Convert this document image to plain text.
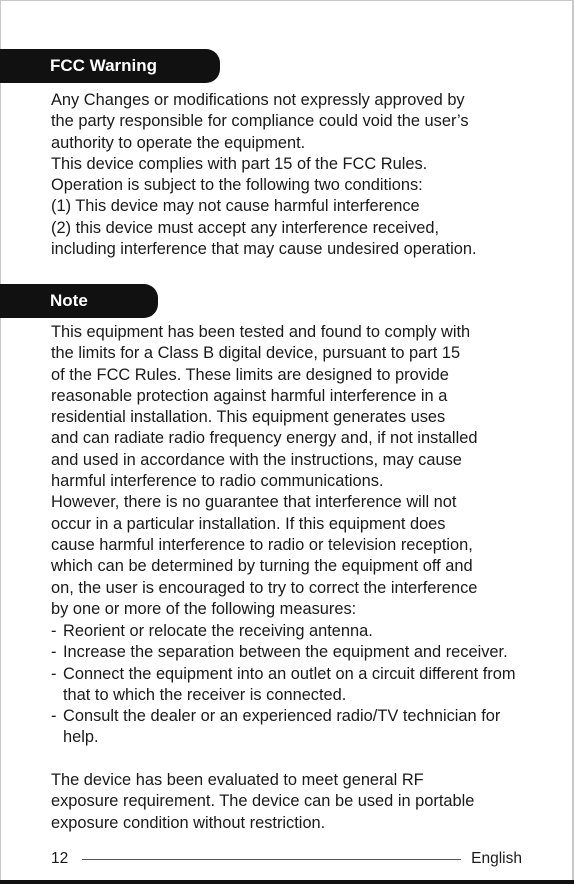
FCC Warning

Any Changes or modifications not expressly approved by

the party responsible for compliance could void the user’s

authority to operate the equipment.

This device complies with part 15 of the FCC Rules.

Operation is subject to the following two conditions:

(1) This device may not cause harmful interference

(2) this device must accept any interference received,

including interference that may cause undesired operation.

Note

This equipment has been tested and found to comply with

the limits for a Class B digital device, pursuant to part 15

of the FCC Rules. These limits are designed to provide

reasonable protection against harmful interference in a

residential installation. This equipment generates uses

and can radiate radio frequency energy and, if not installed

and used in accordance with the instructions, may cause

harmful interference to radio communications.

However, there is no guarantee that interference will not

occur in a particular installation. If this equipment does

cause harmful interference to radio or television reception,

which can be determined by turning the equipment off and

on, the user is encouraged to try to correct the interference

by one or more of the following measures:

- Reorient or relocate the receiving antenna.
- Increase the separation between the equipment and receiver.
- Connect the equipment into an outlet on a circuit different from that to which the receiver is connected.
- Consult the dealer or an experienced radio/TV technician for help.

The device has been evaluated to meet general RF

exposure requirement. The device can be used in portable

exposure condition without restriction.

12	English
